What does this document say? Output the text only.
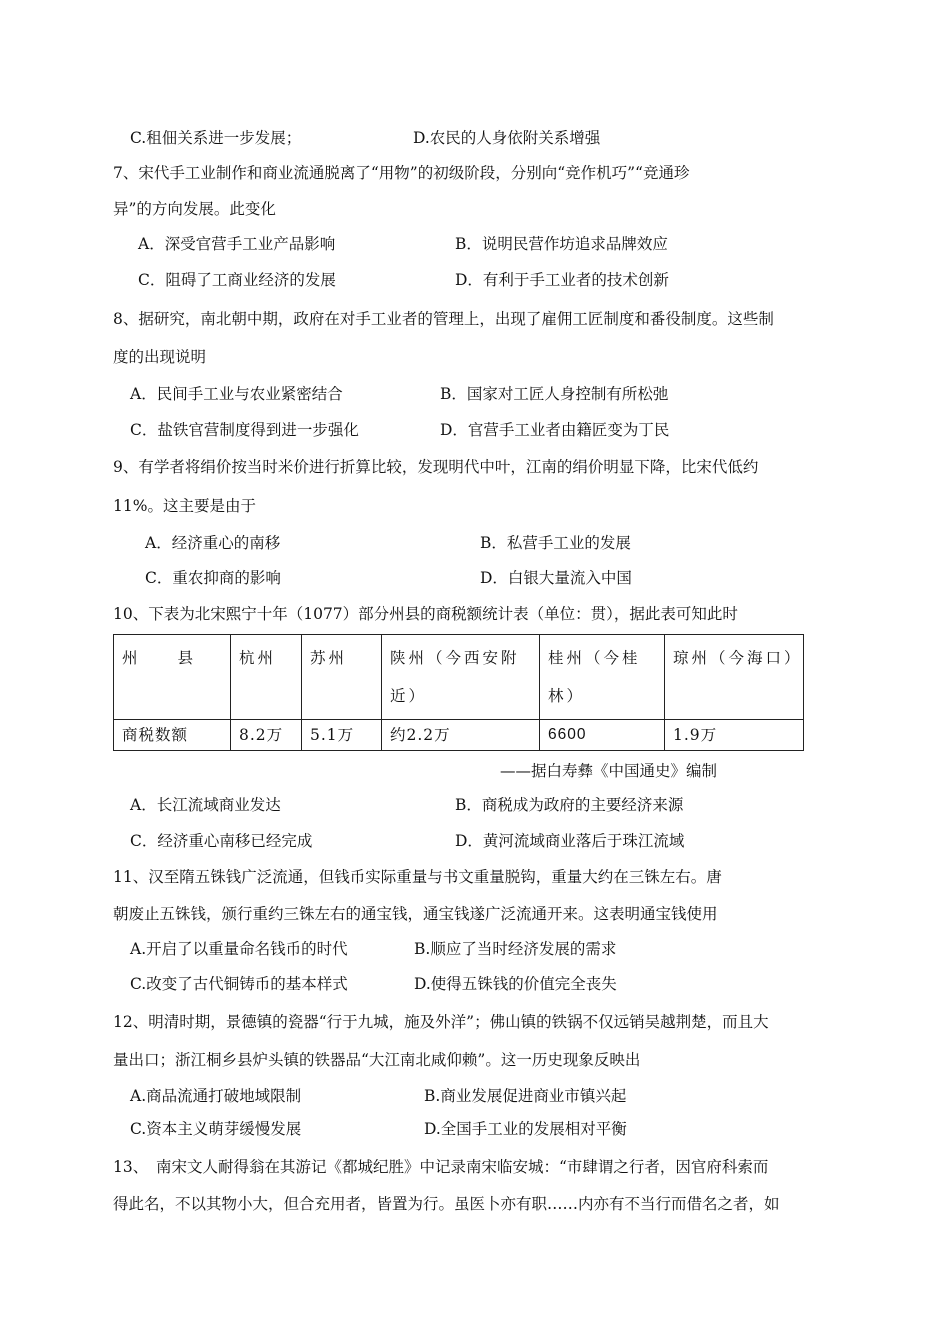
C.租佃关系进一步发展；	D.农民的人身依附关系增强
7、宋代手工业制作和商业流通脱离了“用物”的初级阶段，分别向“竞作机巧”“竞通珍
异”的方向发展。此变化
A．深受官营手工业产品影响	B．说明民营作坊追求品牌效应
C．阻碍了工商业经济的发展	D．有利于手工业者的技术创新
8、据研究，南北朝中期，政府在对手工业者的管理上，出现了雇佣工匠制度和番役制度。这些制
度的出现说明
A．民间手工业与农业紧密结合	B．国家对工匠人身控制有所松弛
C．盐铁官营制度得到进一步强化	D．官营手工业者由籍匠变为丁民
9、有学者将绢价按当时米价进行折算比较，发现明代中叶，江南的绢价明显下降，比宋代低约
11%。这主要是由于
A．经济重心的南移	B．私营手工业的发展
C．重农抑商的影响	D．白银大量流入中国
10、下表为北宋熙宁十年（1077）部分州县的商税额统计表（单位：贯），据此表可知此时
州　　县	杭州	苏州	陕州（今西安附近）	桂州（今桂林）	琼州（今海口）
商税数额	8.2万	5.1万	约2.2万	6600	1.9万
——据白寿彝《中国通史》编制
A．长江流域商业发达	B．商税成为政府的主要经济来源
C．经济重心南移已经完成	D．黄河流域商业落后于珠江流域
11、汉至隋五铢钱广泛流通，但钱币实际重量与书文重量脱钩，重量大约在三铢左右。唐
朝废止五铢钱，颁行重约三铢左右的通宝钱，通宝钱遂广泛流通开来。这表明通宝钱使用
A.开启了以重量命名钱币的时代	B.顺应了当时经济发展的需求
C.改变了古代铜铸币的基本样式	D.使得五铢钱的价值完全丧失
12、明清时期，景德镇的瓷器“行于九城，施及外洋”；佛山镇的铁锅不仅远销吴越荆楚，而且大
量出口；浙江桐乡县炉头镇的铁器品“大江南北咸仰赖”。这一历史现象反映出
A.商品流通打破地域限制	B.商业发展促进商业市镇兴起
C.资本主义萌芽缓慢发展	D.全国手工业的发展相对平衡
13、　南宋文人耐得翁在其游记《都城纪胜》中记录南宋临安城：“市肆谓之行者，因官府科索而
得此名，不以其物小大，但合充用者，皆置为行。虽医卜亦有职……内亦有不当行而借名之者，如
